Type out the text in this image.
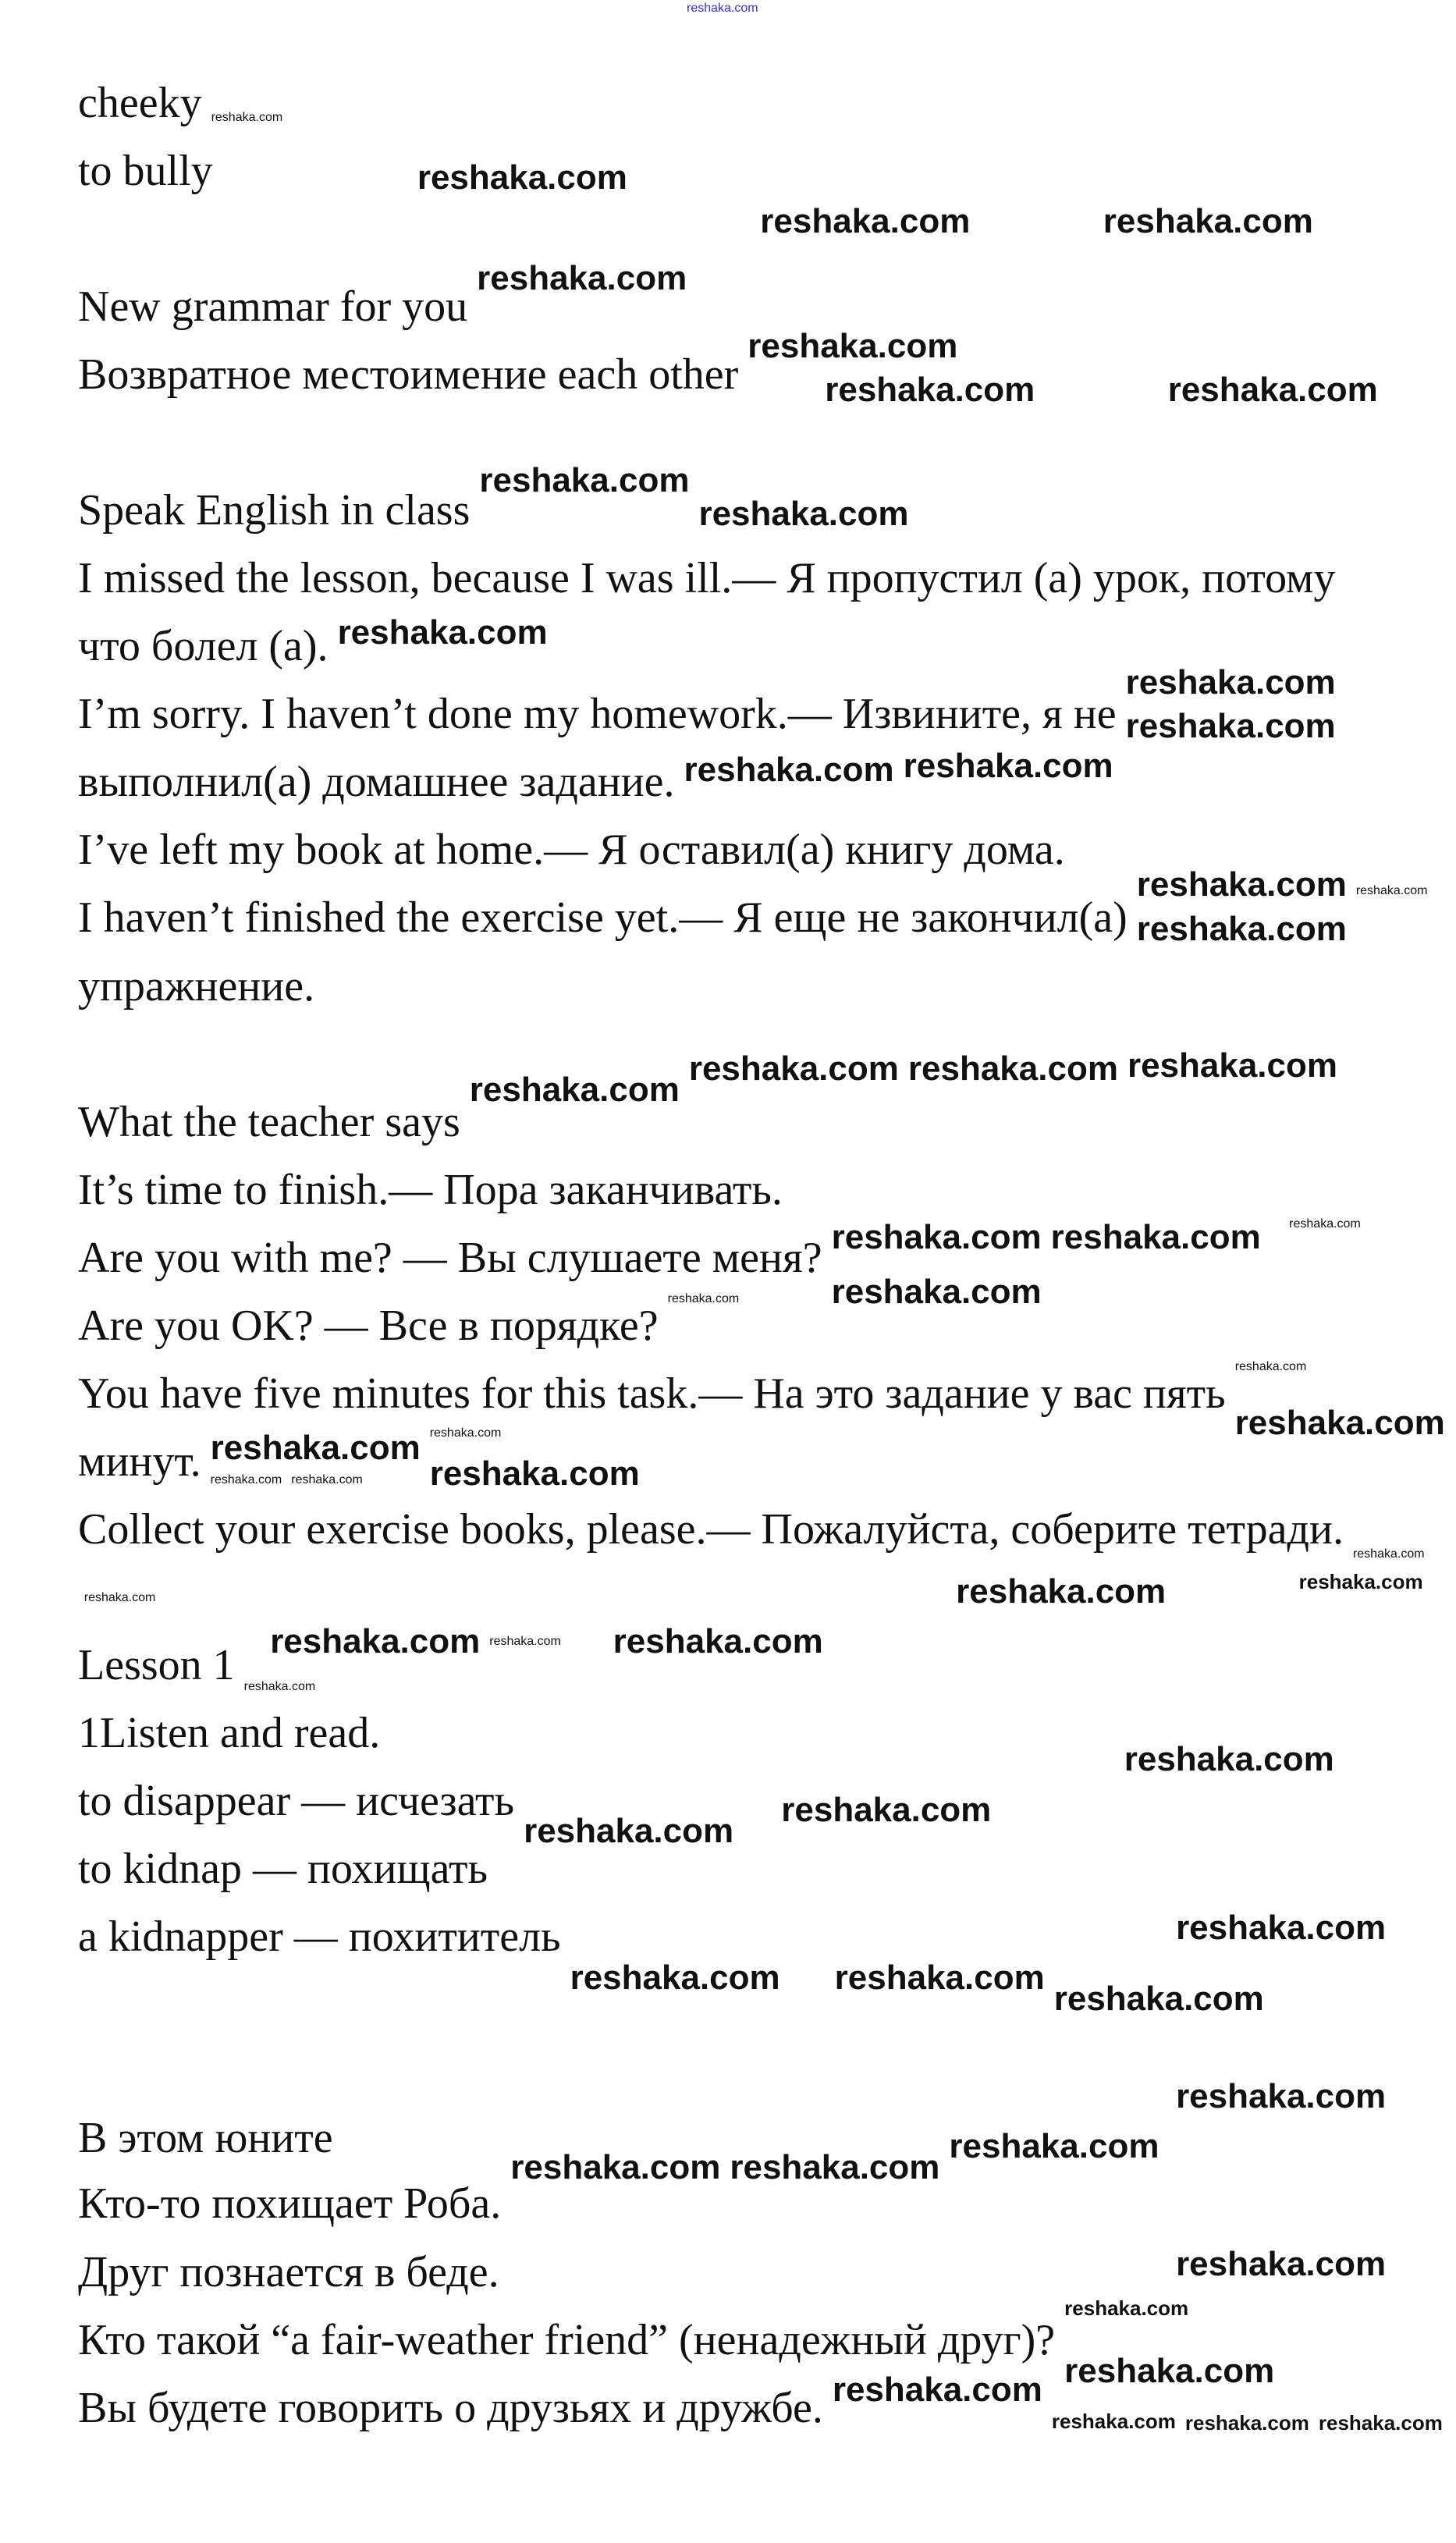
reshaka.com
cheeky
to bully
New grammar for you
Возвратное местоимение each other
Speak English in class
I missed the lesson, because I was ill.— Я пропустил (а) урок, потому
что болел (а).
I’m sorry. I haven’t done my homework.— Извините, я не
выполнил(а) домашнее задание.
I’ve left my book at home.— Я оставил(а) книгу дома.
I haven’t finished the exercise yet.— Я еще не закончил(а)
упражнение.
What the teacher says
It’s time to finish.— Пора заканчивать.
Are you with me? — Вы слушаете меня?
Are you OK? — Все в порядке?
You have five minutes for this task.— На это задание у вас пять
минут.
Collect your exercise books, please.— Пожалуйста, соберите тетради.
Lesson 1
1Listen and read.
to disappear — исчезать
to kidnap — похищать
a kidnapper — похититель
В этом юните
Кто-то похищает Роба.
Друг познается в беде.
Кто такой “a fair-weather friend” (ненадежный друг)?
Вы будете говорить о друзьях и дружбе.
reshaka.com
reshaka.com	reshaka.com
reshaka.com
reshaka.com
reshaka.com	reshaka.com
reshaka.com
reshaka.com
reshaka.com
reshaka.com
reshaka.com
reshaka.com reshaka.com
reshaka.com
reshaka.com
reshaka.com
reshaka.com reshaka.com reshaka.com
reshaka.com reshaka.com
reshaka.com
reshaka.com
reshaka.com
reshaka.com
reshaka.com
reshaka.com	reshaka.com
reshaka.com
reshaka.com
reshaka.com
reshaka.com
reshaka.com reshaka.com
reshaka.com
reshaka.com
reshaka.com reshaka.com
reshaka.com
reshaka.com
reshaka.com
reshaka.com
reshaka.com
reshaka.com
reshaka.com
reshaka.com
reshaka.com
reshaka.com
reshaka.com reshaka.com
reshaka.com
reshaka.com
reshaka.com
reshaka.com
reshaka.com
reshaka.com reshaka.com reshaka.com
reshaka.com
